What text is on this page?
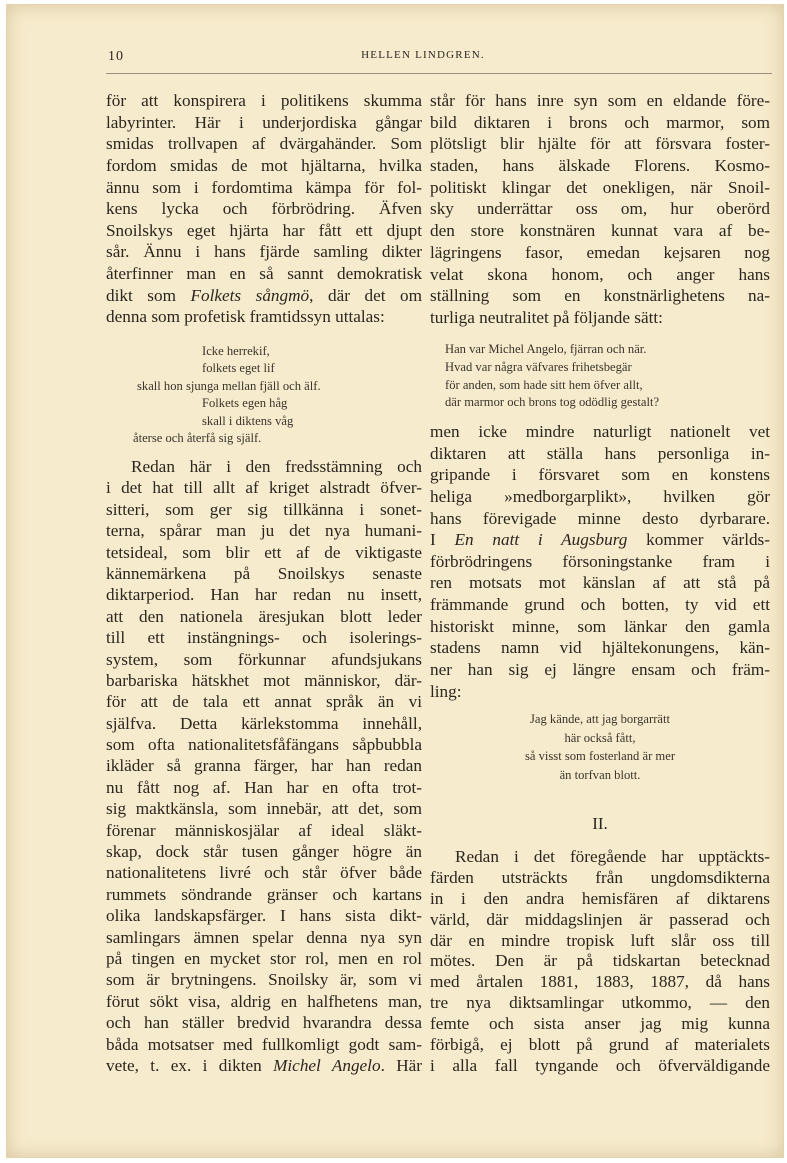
10	HELLEN LINDGREN.
för att konspirera i politikens skumma
labyrinter. Här i underjordiska gångar
smidas trollvapen af dvärgahänder. Som
fordom smidas de mot hjältarna, hvilka
ännu som i fordomtima kämpa för fol-
kens lycka och förbrödring. Äfven
Snoilskys eget hjärta har fått ett djupt
sår. Ännu i hans fjärde samling dikter
återfinner man en så sannt demokratisk
dikt som Folkets sångmö, där det om
denna som profetisk framtidssyn uttalas:
Icke herrekif,
folkets eget lif
skall hon sjunga mellan fjäll och älf.
Folkets egen håg
skall i diktens våg
återse och återfå sig själf.
Redan här i den fredsstämning och
i det hat till allt af kriget alstradt öfver-
sitteri, som ger sig tillkänna i sonet-
terna, spårar man ju det nya humani-
tetsideal, som blir ett af de viktigaste
kännemärkena på Snoilskys senaste
diktarperiod. Han har redan nu insett,
att den nationela äresjukan blott leder
till ett instängnings- och isolerings-
system, som förkunnar afundsjukans
barbariska hätskhet mot människor, där-
för att de tala ett annat språk än vi
själfva. Detta kärlekstomma innehåll,
som ofta nationalitetsfåfängans såpbubbla
ikläder så granna färger, har han redan
nu fått nog af. Han har en ofta trot-
sig maktkänsla, som innebär, att det, som
förenar människosjälar af ideal släkt-
skap, dock står tusen gånger högre än
nationalitetens livré och står öfver både
rummets söndrande gränser och kartans
olika landskapsfärger. I hans sista dikt-
samlingars ämnen spelar denna nya syn
på tingen en mycket stor rol, men en rol
som är brytningens. Snoilsky är, som vi
förut sökt visa, aldrig en halfhetens man,
och han ställer bredvid hvarandra dessa
båda motsatser med fullkomligt godt sam-
vete, t. ex. i dikten Michel Angelo. Här
står för hans inre syn som en eldande före-
bild diktaren i brons och marmor, som
plötsligt blir hjälte för att försvara foster-
staden, hans älskade Florens. Kosmo-
politiskt klingar det onekligen, när Snoil-
sky underrättar oss om, hur oberörd
den store konstnären kunnat vara af be-
lägringens fasor, emedan kejsaren nog
velat skona honom, och anger hans
ställning som en konstnärlighetens na-
turliga neutralitet på följande sätt:
Han var Michel Angelo, fjärran och när.
Hvad var några väfvares frihetsbegär
för anden, som hade sitt hem öfver allt,
där marmor och brons tog odödlig gestalt?
men icke mindre naturligt nationelt vet
diktaren att ställa hans personliga in-
gripande i försvaret som en konstens
heliga »medborgarplikt», hvilken gör
hans förevigade minne desto dyrbarare.
I En natt i Augsburg kommer världs-
förbrödringens försoningstanke fram i
ren motsats mot känslan af att stå på
främmande grund och botten, ty vid ett
historiskt minne, som länkar den gamla
stadens namn vid hjältekonungens, kän-
ner han sig ej längre ensam och främ-
ling:
Jag kände, att jag borgarrätt
här också fått,
så visst som fosterland är mer
än torfvan blott.
Redan i det föregående har upptäckts-
färden utsträckts från ungdomsdikterna
in i den andra hemisfären af diktarens
värld, där middagslinjen är passerad och
där en mindre tropisk luft slår oss till
mötes. Den är på tidskartan betecknad
med årtalen 1881, 1883, 1887, då hans
tre nya diktsamlingar utkommo, — den
femte och sista anser jag mig kunna
förbigå, ej blott på grund af materialets
i alla fall tyngande och öfverväldigande
II.
